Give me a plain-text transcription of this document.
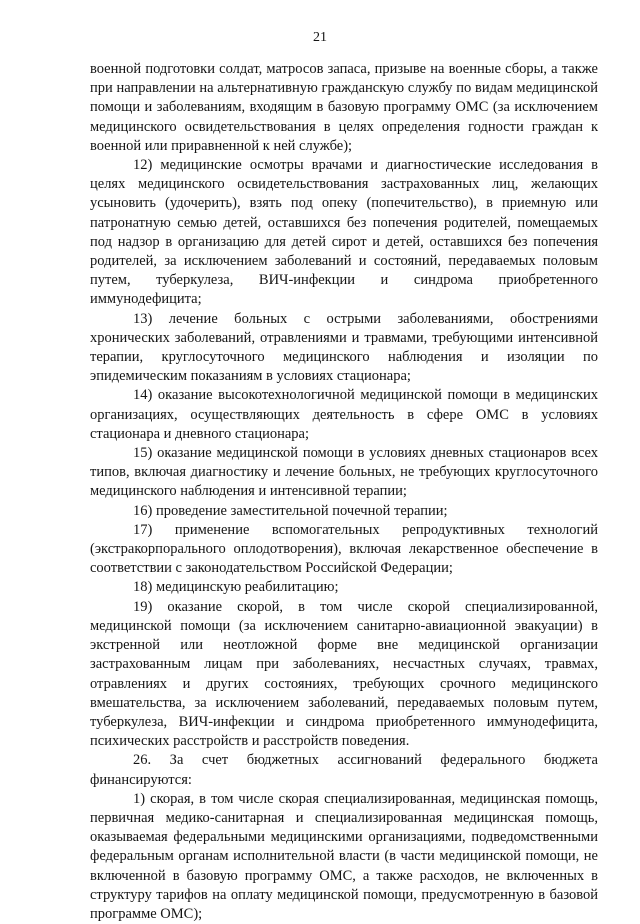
21

военной подготовки солдат, матросов запаса, призыве на военные сборы, а также при направлении на альтернативную гражданскую службу по видам медицинской помощи и заболеваниям, входящим в базовую программу ОМС (за исключением медицинского освидетельствования в целях определения годности граждан к военной или приравненной к ней службе);

12) медицинские осмотры врачами и диагностические исследования в целях медицинского освидетельствования застрахованных лиц, желающих усыновить (удочерить), взять под опеку (попечительство), в приемную или патронатную семью детей, оставшихся без попечения родителей, помещаемых под надзор в организацию для детей сирот и детей, оставшихся без попечения родителей, за исключением заболеваний и состояний, передаваемых половым путем, туберкулеза, ВИЧ-инфекции и синдрома приобретенного иммунодефицита;

13) лечение больных с острыми заболеваниями, обострениями хронических заболеваний, отравлениями и травмами, требующими интенсивной терапии, круглосуточного медицинского наблюдения и изоляции по эпидемическим показаниям в условиях стационара;

14) оказание высокотехнологичной медицинской помощи в медицинских организациях, осуществляющих деятельность в сфере ОМС в условиях стационара и дневного стационара;

15) оказание медицинской помощи в условиях дневных стационаров всех типов, включая диагностику и лечение больных, не требующих круглосуточного медицинского наблюдения и интенсивной терапии;

16) проведение заместительной почечной терапии;

17) применение вспомогательных репродуктивных технологий (экстракорпорального оплодотворения), включая лекарственное обеспечение в соответствии с законодательством Российской Федерации;

18) медицинскую реабилитацию;

19) оказание скорой, в том числе скорой специализированной, медицинской помощи (за исключением санитарно-авиационной эвакуации) в экстренной или неотложной форме вне медицинской организации застрахованным лицам при заболеваниях, несчастных случаях, травмах, отравлениях и других состояниях, требующих срочного медицинского вмешательства, за исключением заболеваний, передаваемых половым путем, туберкулеза, ВИЧ-инфекции и синдрома приобретенного иммунодефицита, психических расстройств и расстройств поведения.

26. За счет бюджетных ассигнований федерального бюджета финансируются:

1) скорая, в том числе скорая специализированная, медицинская помощь, первичная медико-санитарная и специализированная медицинская помощь, оказываемая федеральными медицинскими организациями, подведомственными федеральным органам исполнительной власти (в части медицинской помощи, не включенной в базовую программу ОМС, а также расходов, не включенных в структуру тарифов на оплату медицинской помощи, предусмотренную в базовой программе ОМС);
